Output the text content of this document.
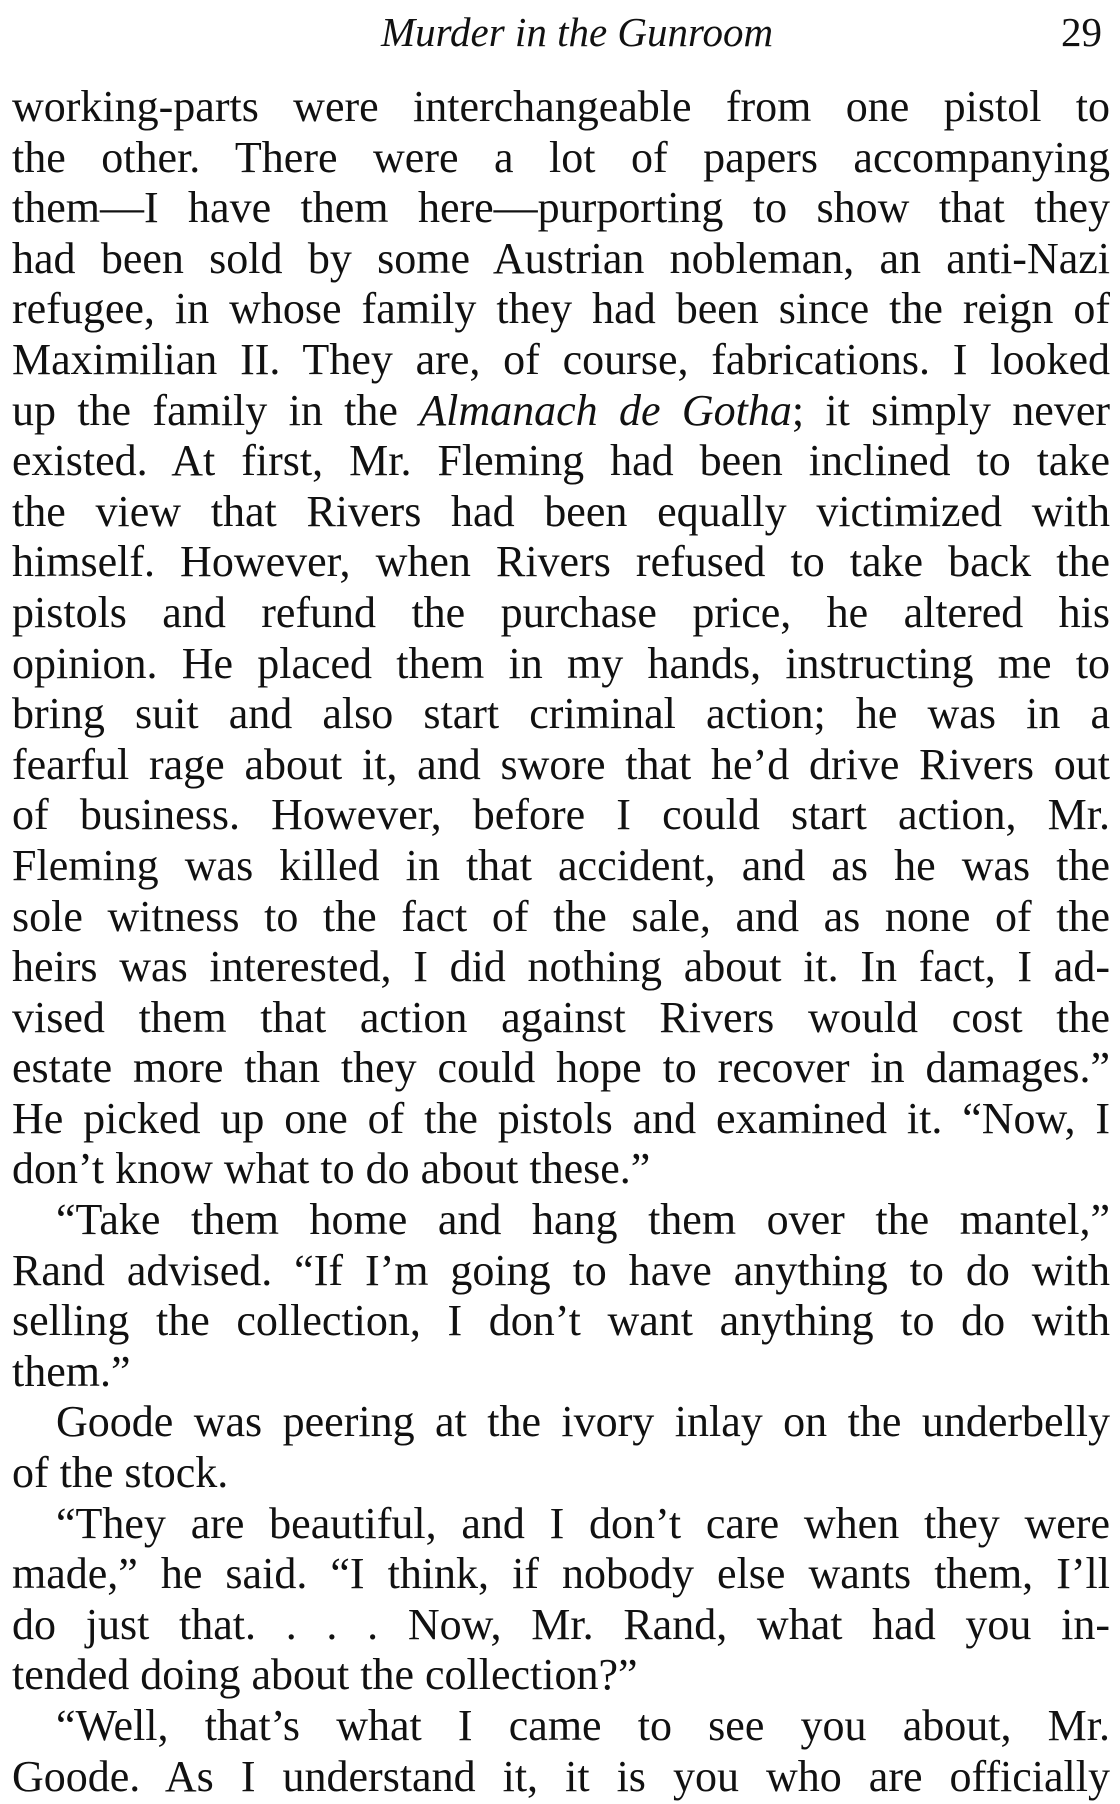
Murder in the Gunroom	29
working-parts were interchangeable from one pistol to
the other. There were a lot of papers accompanying
them—I have them here—purporting to show that they
had been sold by some Austrian nobleman, an anti-Nazi
refugee, in whose family they had been since the reign of
Maximilian II. They are, of course, fabrications. I looked
up the family in the Almanach de Gotha; it simply never
existed. At first, Mr. Fleming had been inclined to take
the view that Rivers had been equally victimized with
himself. However, when Rivers refused to take back the
pistols and refund the purchase price, he altered his
opinion. He placed them in my hands, instructing me to
bring suit and also start criminal action; he was in a
fearful rage about it, and swore that he’d drive Rivers out
of business. However, before I could start action, Mr.
Fleming was killed in that accident, and as he was the
sole witness to the fact of the sale, and as none of the
heirs was interested, I did nothing about it. In fact, I ad-
vised them that action against Rivers would cost the
estate more than they could hope to recover in damages.”
He picked up one of the pistols and examined it. “Now, I
don’t know what to do about these.”
“Take them home and hang them over the mantel,”
Rand advised. “If I’m going to have anything to do with
selling the collection, I don’t want anything to do with
them.”
Goode was peering at the ivory inlay on the underbelly
of the stock.
“They are beautiful, and I don’t care when they were
made,” he said. “I think, if nobody else wants them, I’ll
do just that. . . . Now, Mr. Rand, what had you in-
tended doing about the collection?”
“Well, that’s what I came to see you about, Mr.
Goode. As I understand it, it is you who are officially
